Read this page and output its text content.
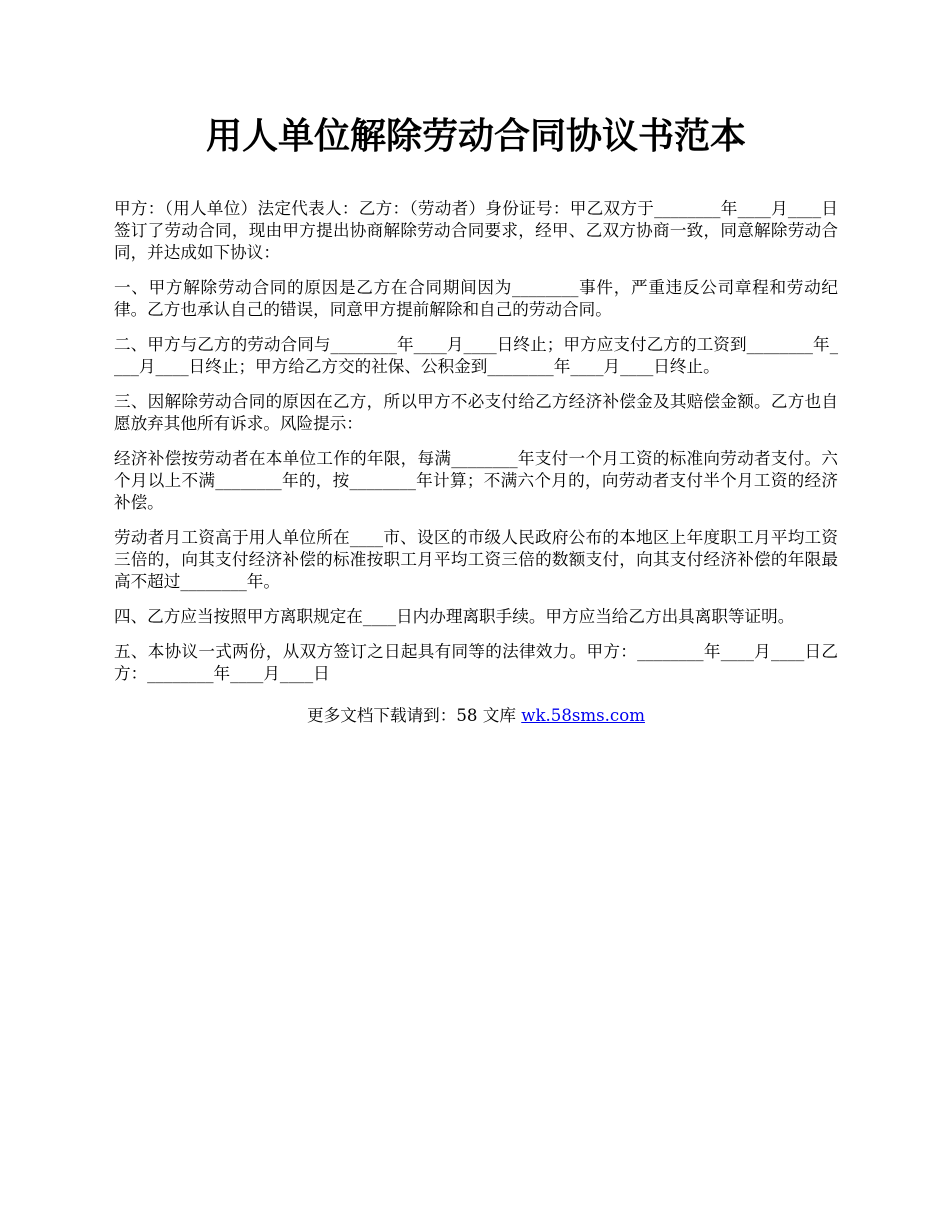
用人单位解除劳动合同协议书范本

甲方：（用人单位）法定代表人：乙方：（劳动者）身份证号：甲乙双方于________年____月____日签订了劳动合同，现由甲方提出协商解除劳动合同要求，经甲、乙双方协商一致，同意解除劳动合同，并达成如下协议：

一、甲方解除劳动合同的原因是乙方在合同期间因为________事件，严重违反公司章程和劳动纪律。乙方也承认自己的错误，同意甲方提前解除和自己的劳动合同。

二、甲方与乙方的劳动合同与________年____月____日终止；甲方应支付乙方的工资到________年____月____日终止；甲方给乙方交的社保、公积金到________年____月____日终止。

三、因解除劳动合同的原因在乙方，所以甲方不必支付给乙方经济补偿金及其赔偿金额。乙方也自愿放弃其他所有诉求。风险提示：

经济补偿按劳动者在本单位工作的年限，每满________年支付一个月工资的标准向劳动者支付。六个月以上不满________年的，按________年计算；不满六个月的，向劳动者支付半个月工资的经济补偿。

劳动者月工资高于用人单位所在____市、设区的市级人民政府公布的本地区上年度职工月平均工资三倍的，向其支付经济补偿的标准按职工月平均工资三倍的数额支付，向其支付经济补偿的年限最高不超过________年。

四、乙方应当按照甲方离职规定在____日内办理离职手续。甲方应当给乙方出具离职等证明。

五、本协议一式两份，从双方签订之日起具有同等的法律效力。甲方：________年____月____日乙方：________年____月____日

更多文档下载请到：58 文库 wk.58sms.com
